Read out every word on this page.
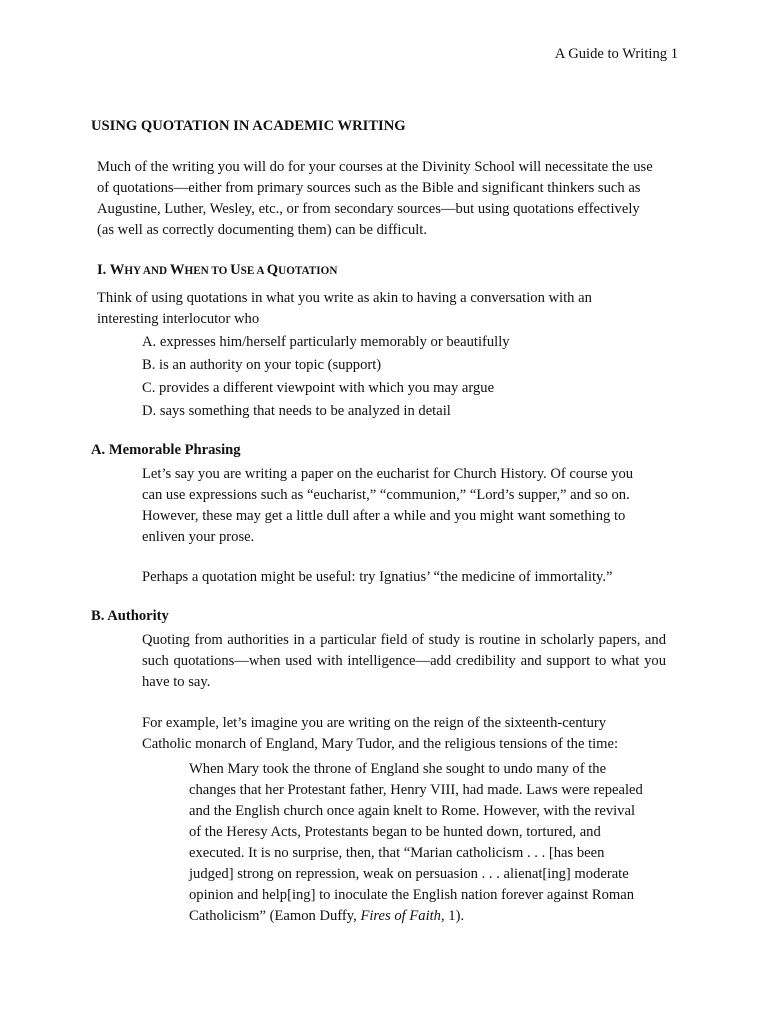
A Guide to Writing 1
USING QUOTATION IN ACADEMIC WRITING
Much of the writing you will do for your courses at the Divinity School will necessitate the use
of quotations—either from primary sources such as the Bible and significant thinkers such as
Augustine, Luther, Wesley, etc., or from secondary sources—but using quotations effectively
(as well as correctly documenting them) can be difficult.
I. WHY AND WHEN TO USE A QUOTATION
Think of using quotations in what you write as akin to having a conversation with an
interesting interlocutor who
A. expresses him/herself particularly memorably or beautifully
B. is an authority on your topic (support)
C. provides a different viewpoint with which you may argue
D. says something that needs to be analyzed in detail
A. Memorable Phrasing
Let’s say you are writing a paper on the eucharist for Church History. Of course you
can use expressions such as “eucharist,” “communion,” “Lord’s supper,” and so on.
However, these may get a little dull after a while and you might want something to
enliven your prose.
Perhaps a quotation might be useful: try Ignatius’ “the medicine of immortality.”
B. Authority
Quoting from authorities in a particular field of study is routine in scholarly papers, and such quotations—when used with intelligence—add credibility and support to what you have to say.
For example, let’s imagine you are writing on the reign of the sixteenth-century
Catholic monarch of England, Mary Tudor, and the religious tensions of the time:
When Mary took the throne of England she sought to undo many of the
changes that her Protestant father, Henry VIII, had made. Laws were repealed
and the English church once again knelt to Rome. However, with the revival
of the Heresy Acts, Protestants began to be hunted down, tortured, and
executed. It is no surprise, then, that “Marian catholicism . . . [has been
judged] strong on repression, weak on persuasion . . . alienat[ing] moderate
opinion and help[ing] to inoculate the English nation forever against Roman
Catholicism” (Eamon Duffy, Fires of Faith, 1).
